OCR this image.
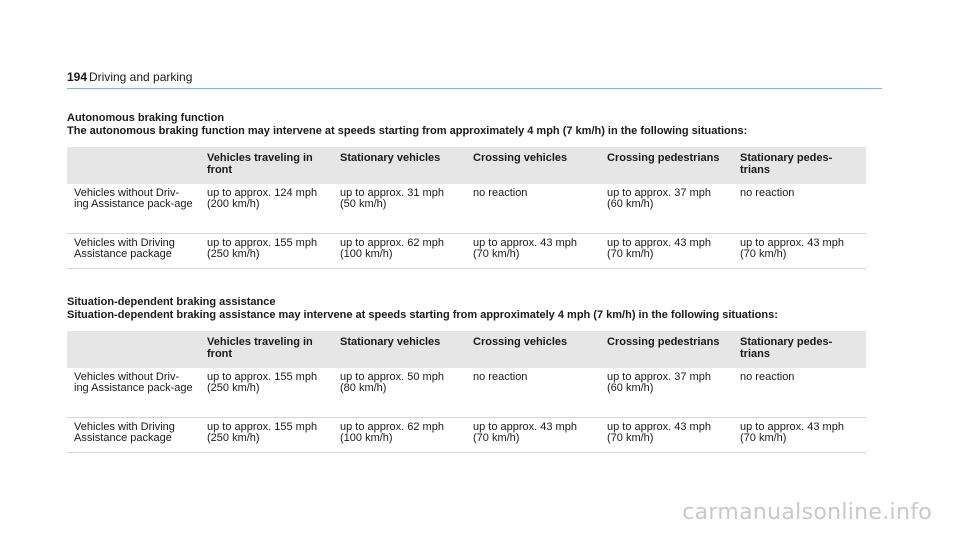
194 Driving and parking

Autonomous braking function

The autonomous braking function may intervene at speeds starting from approximately 4 mph (7 km/h) in the following situations:

	Vehicles traveling in front	Stationary vehicles	Crossing vehicles	Crossing pedestrians	Stationary pedes-trians
Vehicles without Driv-ing Assistance pack-age	up to approx. 124 mph (200 km/h)	up to approx. 31 mph (50 km/h)	no reaction	up to approx. 37 mph (60 km/h)	no reaction
Vehicles with Driving Assistance package	up to approx. 155 mph (250 km/h)	up to approx. 62 mph (100 km/h)	up to approx. 43 mph (70 km/h)	up to approx. 43 mph (70 km/h)	up to approx. 43 mph (70 km/h)

Situation-dependent braking assistance

Situation-dependent braking assistance may intervene at speeds starting from approximately 4 mph (7 km/h) in the following situations:

	Vehicles traveling in front	Stationary vehicles	Crossing vehicles	Crossing pedestrians	Stationary pedes-trians
Vehicles without Driv-ing Assistance pack-age	up to approx. 155 mph (250 km/h)	up to approx. 50 mph (80 km/h)	no reaction	up to approx. 37 mph (60 km/h)	no reaction
Vehicles with Driving Assistance package	up to approx. 155 mph (250 km/h)	up to approx. 62 mph (100 km/h)	up to approx. 43 mph (70 km/h)	up to approx. 43 mph (70 km/h)	up to approx. 43 mph (70 km/h)
carmanualsonline.info
